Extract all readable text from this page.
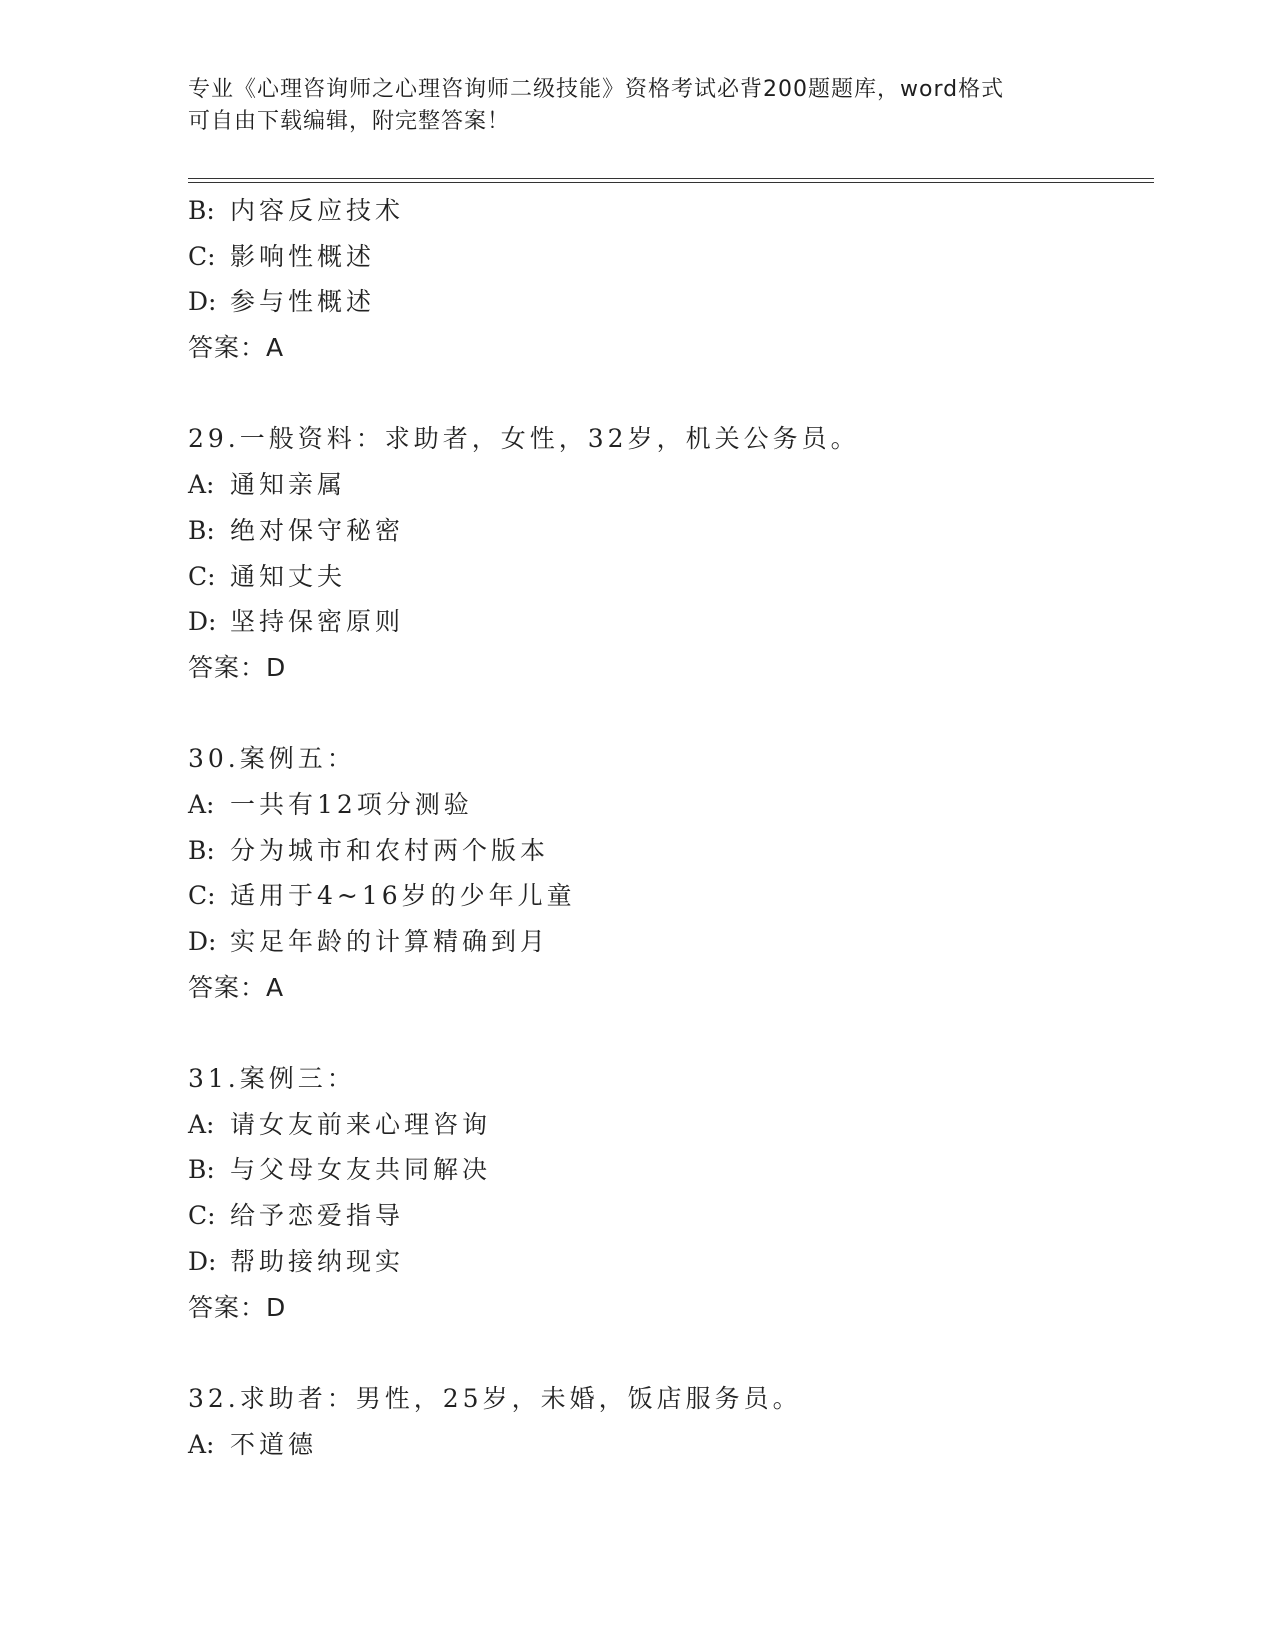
专业《心理咨询师之心理咨询师二级技能》资格考试必背200题题库，word格式
可自由下载编辑，附完整答案！
B: 内容反应技术
C: 影响性概述
D: 参与性概述
答案：A
29.一般资料：求助者，女性，32岁，机关公务员。
A: 通知亲属
B: 绝对保守秘密
C: 通知丈夫
D: 坚持保密原则
答案：D
30.案例五：
A: 一共有12项分测验
B: 分为城市和农村两个版本
C: 适用于4~16岁的少年儿童
D: 实足年龄的计算精确到月
答案：A
31.案例三：
A: 请女友前来心理咨询
B: 与父母女友共同解决
C: 给予恋爱指导
D: 帮助接纳现实
答案：D
32.求助者：男性，25岁，未婚，饭店服务员。
A: 不道德
